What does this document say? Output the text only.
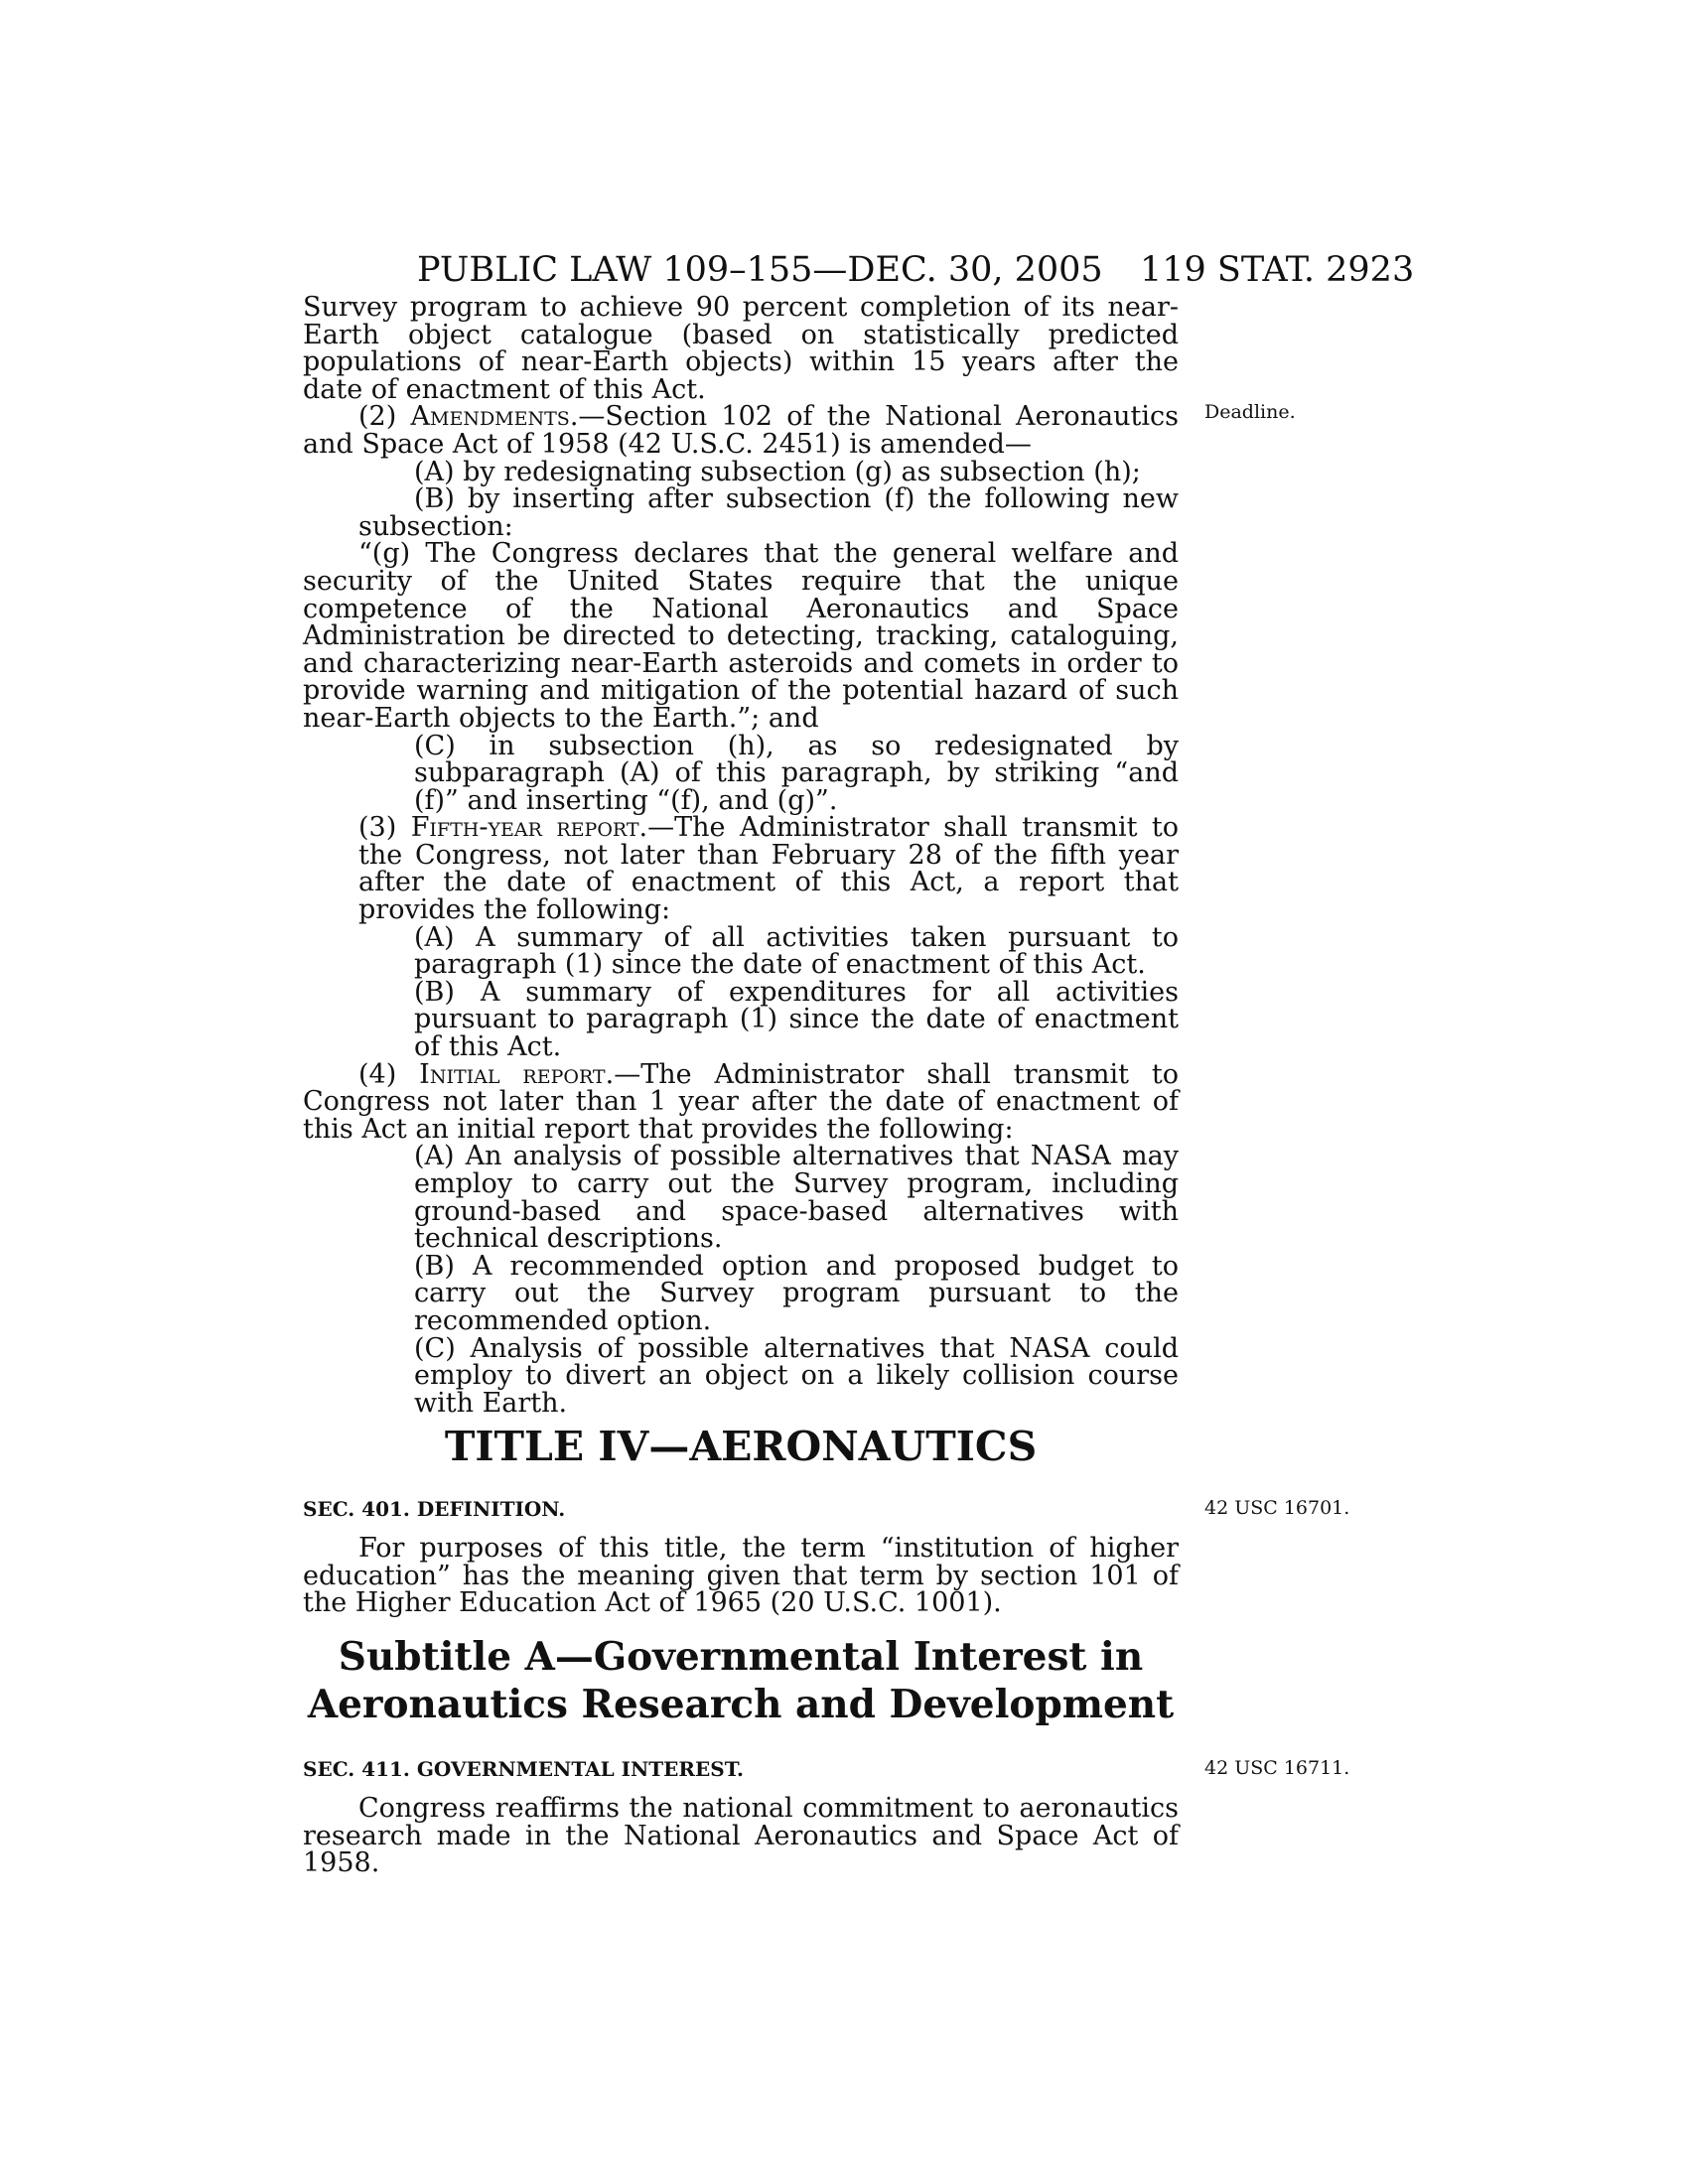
PUBLIC LAW 109–155—DEC. 30, 2005 119 STAT. 2923
Deadline.
42 USC 16701.
42 USC 16711.

Survey program to achieve 90 percent completion of its near-Earth object catalogue (based on statistically predicted populations of near-Earth objects) within 15 years after the date of enactment of this Act.

(2) Amendments.—Section 102 of the National Aeronautics and Space Act of 1958 (42 U.S.C. 2451) is amended—

(A) by redesignating subsection (g) as subsection (h);

(B) by inserting after subsection (f) the following new subsection:

“(g) The Congress declares that the general welfare and security of the United States require that the unique competence of the National Aeronautics and Space Administration be directed to detecting, tracking, cataloguing, and characterizing near-Earth asteroids and comets in order to provide warning and mitigation of the potential hazard of such near-Earth objects to the Earth.”; and

(C) in subsection (h), as so redesignated by subparagraph (A) of this paragraph, by striking “and (f)” and inserting “(f), and (g)”.

(3) Fifth-year report.—The Administrator shall transmit to the Congress, not later than February 28 of the fifth year after the date of enactment of this Act, a report that provides the following:

(A) A summary of all activities taken pursuant to paragraph (1) since the date of enactment of this Act.

(B) A summary of expenditures for all activities pursuant to paragraph (1) since the date of enactment of this Act.

(4) Initial report.—The Administrator shall transmit to Congress not later than 1 year after the date of enactment of this Act an initial report that provides the following:

(A) An analysis of possible alternatives that NASA may employ to carry out the Survey program, including ground-based and space-based alternatives with technical descriptions.

(B) A recommended option and proposed budget to carry out the Survey program pursuant to the recommended option.

(C) Analysis of possible alternatives that NASA could employ to divert an object on a likely collision course with Earth.

TITLE IV—AERONAUTICS
SEC. 401. DEFINITION.

For purposes of this title, the term “institution of higher education” has the meaning given that term by section 101 of the Higher Education Act of 1965 (20 U.S.C. 1001).

Subtitle A—Governmental Interest in
Aeronautics Research and Development
SEC. 411. GOVERNMENTAL INTEREST.

Congress reaffirms the national commitment to aeronautics research made in the National Aeronautics and Space Act of 1958.
